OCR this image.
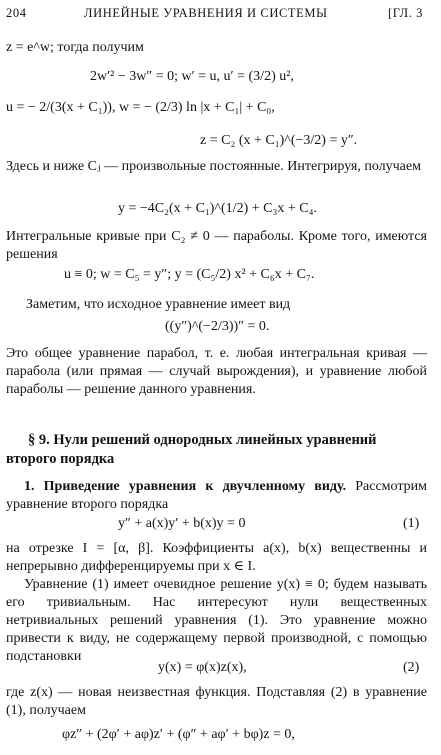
204	ЛИНЕЙНЫЕ УРАВНЕНИЯ И СИСТЕМЫ	[ГЛ. 3
z = e^w; тогда получим
2w′² − 3w″ = 0; w′ = u, u′ = (3/2) u²,
u = − 2/(3(x + C₁)), w = − (2/3) ln |x + C₁| + C₀,
z = C₂ (x + C₁)^(−3/2) = y″.
Здесь и ниже Cⱼ — произвольные постоянные. Интегрируя, получаем
y = −4C₂(x + C₁)^(1/2) + C₃x + C₄.
Интегральные кривые при C₂ ≠ 0 — параболы. Кроме того, имеются решения
u ≡ 0; w = C₅ = y″; y = (C₅/2) x² + C₆x + C₇.
Заметим, что исходное уравнение имеет вид
((y″)^(−2/3))″ = 0.
Это общее уравнение парабол, т. е. любая интегральная кривая — парабола (или прямая — случай вырождения), и уравнение любой параболы — решение данного уравнения.
§ 9. Нули решений однородных линейных уравнений
второго порядка
1. Приведение уравнения к двучленному виду. Рассмотрим уравнение второго порядка
y″ + a(x)y′ + b(x)y = 0	(1)
на отрезке I = [α, β]. Коэффициенты a(x), b(x) вещественны и непрерывно дифференцируемы при x ∈ I.
Уравнение (1) имеет очевидное решение y(x) ≡ 0; будем называть его тривиальным. Нас интересуют нули вещественных нетривиальных решений уравнения (1). Это уравнение можно привести к виду, не содержащему первой производной, с помощью подстановки
y(x) = φ(x)z(x),	(2)
где z(x) — новая неизвестная функция. Подставляя (2) в уравнение (1), получаем
φz″ + (2φ′ + aφ)z′ + (φ″ + aφ′ + bφ)z = 0,
